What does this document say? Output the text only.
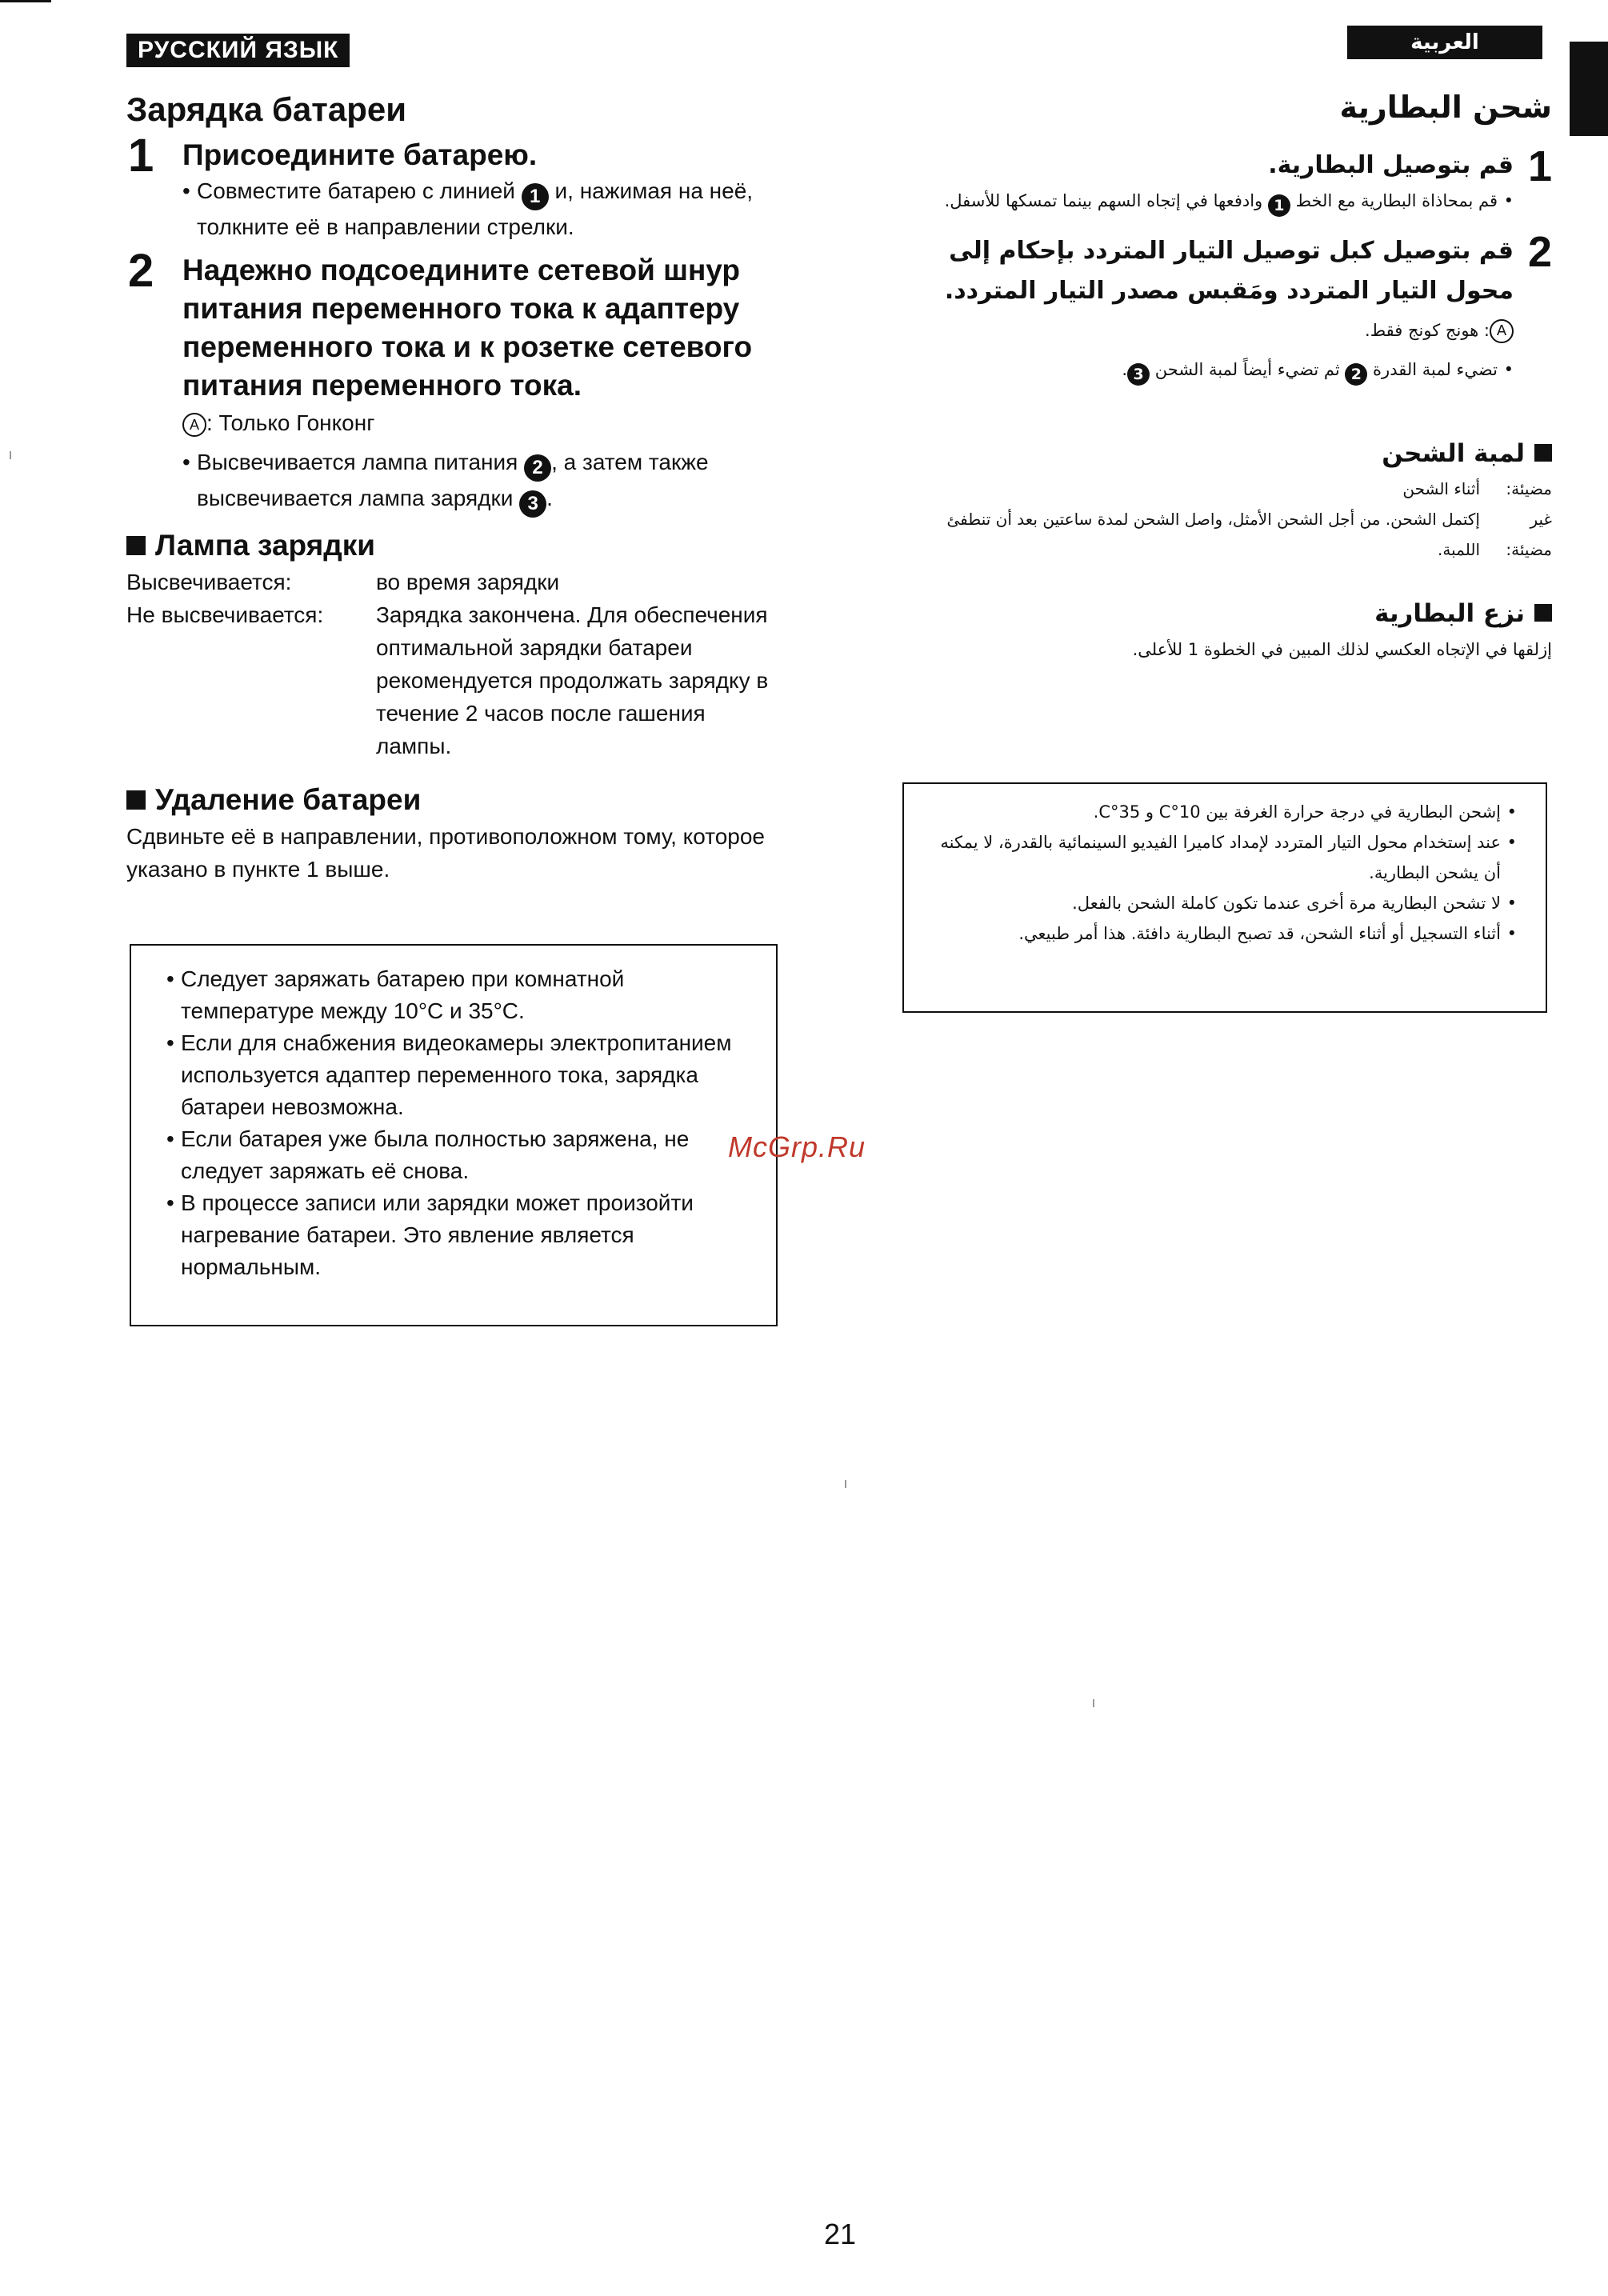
РУССКИЙ ЯЗЫК	العربية
Зарядка батареи
1 Присоедините батарею.
• Совместите батарею с линией 1 и, нажимая на неё, толкните её в направлении стрелки.
2 Надежно подсоедините сетевой шнур питания переменного тока к адаптеру переменного тока и к розетке сетевого питания переменного тока.
A : Только Гонконг
• Высвечивается лампа питания 2 , а затем также высвечивается лампа зарядки 3 .
Лампа зарядки
Высвечивается:	во время зарядки
Не высвечивается:	Зарядка закончена. Для обеспечения оптимальной зарядки батареи рекомендуется продолжать зарядку в течение 2 часов после гашения лампы.
Удаление батареи
Сдвиньте её в направлении, противоположном тому, которое указано в пункте 1 выше.
• Следует заряжать батарею при комнатной температуре между 10°C и 35°C.
• Если для снабжения видеокамеры электропитанием используется адаптер переменного тока, зарядка батареи невозможна.
• Если батарея уже была полностью заряжена, не следует заряжать её снова.
• В процессе записи или зарядки может произойти нагревание батареи. Это явление является нормальным.
McGrp.Ru
شحن البطارية
1
قم بتوصيل البطارية.
•
قم بمحاذاة البطارية مع الخط 1 وادفعها في إتجاه السهم بينما تمسكها للأسفل.
2
قم بتوصيل كبل توصيل التيار المتردد بإحكام إلى محول التيار المتردد ومَقبس مصدر التيار المتردد.
A: هونج كونج فقط.
•
تضيء لمبة القدرة 2 ثم تضيء أيضاً لمبة الشحن 3.
لمبة الشحن
مضيئة:
أثناء الشحن
غير مضيئة:
إكتمل الشحن. من أجل الشحن الأمثل، واصل الشحن لمدة ساعتين بعد أن تنطفئ اللمبة.
نزع البطارية
إزلقها في الإتجاه العكسي لذلك المبين في الخطوة 1 للأعلى.
•
إشحن البطارية في درجة حرارة الغرفة بين 10°C و 35°C.
•
عند إستخدام محول التيار المتردد لإمداد كاميرا الفيديو السينمائية بالقدرة، لا يمكنه أن يشحن البطارية.
•
لا تشحن البطارية مرة أخرى عندما تكون كاملة الشحن بالفعل.
•
أثناء التسجيل أو أثناء الشحن، قد تصبح البطارية دافئة. هذا أمر طبيعي.
21
